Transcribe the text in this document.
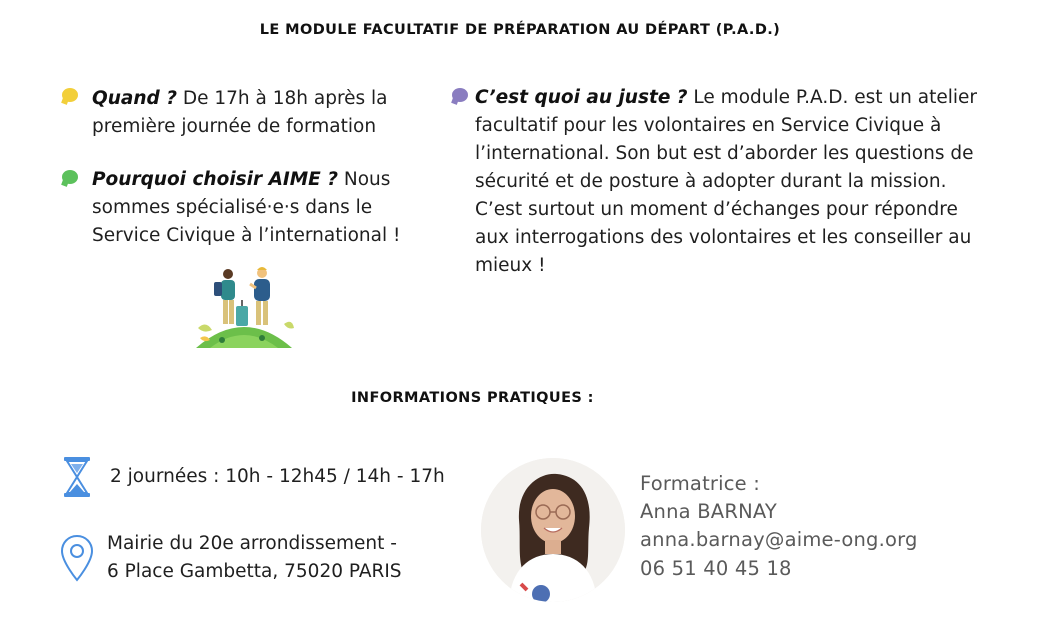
LE MODULE FACULTATIF DE PRÉPARATION AU DÉPART (P.A.D.)
Quand ? De 17h à 18h après la première journée de formation
Pourquoi choisir AIME ? Nous sommes spécialisé·e·s dans le Service Civique à l’international !
C’est quoi au juste ? Le module P.A.D. est un atelier facultatif pour les volontaires en Service Civique à l’international. Son but est d’aborder les questions de sécurité et de posture à adopter durant la mission. C’est surtout un moment d’échanges pour répondre aux interrogations des volontaires et les conseiller au mieux !
INFORMATIONS PRATIQUES :
2 journées : 10h - 12h45 / 14h - 17h
Mairie du 20e arrondissement -
6 Place Gambetta, 75020 PARIS
Formatrice :
Anna BARNAY
anna.barnay@aime-ong.org
06 51 40 45 18
